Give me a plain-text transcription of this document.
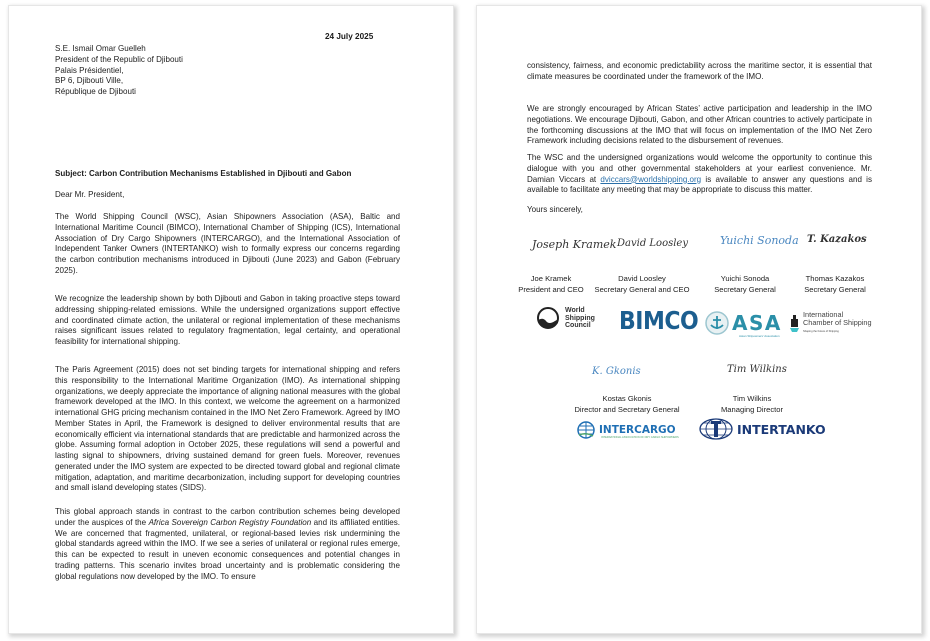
24 July 2025
S.E. Ismail Omar Guelleh
President of the Republic of Djibouti
Palais Présidentiel,
BP 6, Djibouti Ville,
République de Djibouti
Subject: Carbon Contribution Mechanisms Established in Djibouti and Gabon
Dear Mr. President,

The World Shipping Council (WSC), Asian Shipowners Association (ASA), Baltic and International Maritime Council (BIMCO), International Chamber of Shipping (ICS), International Association of Dry Cargo Shipowners (INTERCARGO), and the International Association of Independent Tanker Owners (INTERTANKO) wish to formally express our concerns regarding the carbon contribution mechanisms introduced in Djibouti (June 2023) and Gabon (February 2025).

We recognize the leadership shown by both Djibouti and Gabon in taking proactive steps toward addressing shipping-related emissions. While the undersigned organizations support effective and coordinated climate action, the unilateral or regional implementation of these mechanisms raises significant issues related to regulatory fragmentation, legal certainty, and operational feasibility for international shipping.

The Paris Agreement (2015) does not set binding targets for international shipping and refers this responsibility to the International Maritime Organization (IMO). As international shipping organizations, we deeply appreciate the importance of aligning national measures with the global framework developed at the IMO. In this context, we welcome the agreement on a harmonized international GHG pricing mechanism contained in the IMO Net Zero Framework. Agreed by IMO Member States in April, the Framework is designed to deliver environmental results that are economically efficient via international standards that are predictable and harmonized across the globe. Assuming formal adoption in October 2025, these regulations will send a powerful and lasting signal to shipowners, driving sustained demand for green fuels. Moreover, revenues generated under the IMO system are expected to be directed toward global and regional climate mitigation, adaptation, and maritime decarbonization, including support for developing countries and small island developing states (SIDS).

This global approach stands in contrast to the carbon contribution schemes being developed under the auspices of the Africa Sovereign Carbon Registry Foundation and its affiliated entities. We are concerned that fragmented, unilateral, or regional-based levies risk undermining the global standards agreed within the IMO. If we see a series of unilateral or regional rules emerge, this can be expected to result in uneven economic consequences and potential changes in trading patterns. This scenario invites broad uncertainty and is problematic considering the global regulations now developed by the IMO. To ensure

consistency, fairness, and economic predictability across the maritime sector, it is essential that climate measures be coordinated under the framework of the IMO.

We are strongly encouraged by African States’ active participation and leadership in the IMO negotiations. We encourage Djibouti, Gabon, and other African countries to actively participate in the forthcoming discussions at the IMO that will focus on implementation of the IMO Net Zero Framework including decisions related to the disbursement of revenues.

The WSC and the undersigned organizations would welcome the opportunity to continue this dialogue with you and other governmental stakeholders at your earliest convenience. Mr. Damian Viccars at dviccars@worldshipping.org is available to answer any questions and is available to facilitate any meeting that may be appropriate to discuss this matter.

Yours sincerely,
Joseph Kramek David Loosley	Yuichi Sonoda T. Kazakos
Joe Kramek
President and CEO
David Loosley
Secretary General and CEO
Yuichi Sonoda
Secretary General
Thomas Kazakos
Secretary General
World
Shipping
Council BIMCO ASA
Asian Shipowners' Association
International
Chamber of Shipping
Shaping the Future of Shipping
K. Gkonis	Tim Wilkins
Kostas Gkonis
Director and Secretary General
Tim Wilkins
Managing Director
INTERCARGO
INTERNATIONAL ASSOCIATION OF DRY CARGO SHIPOWNERS
INTERTANKO
